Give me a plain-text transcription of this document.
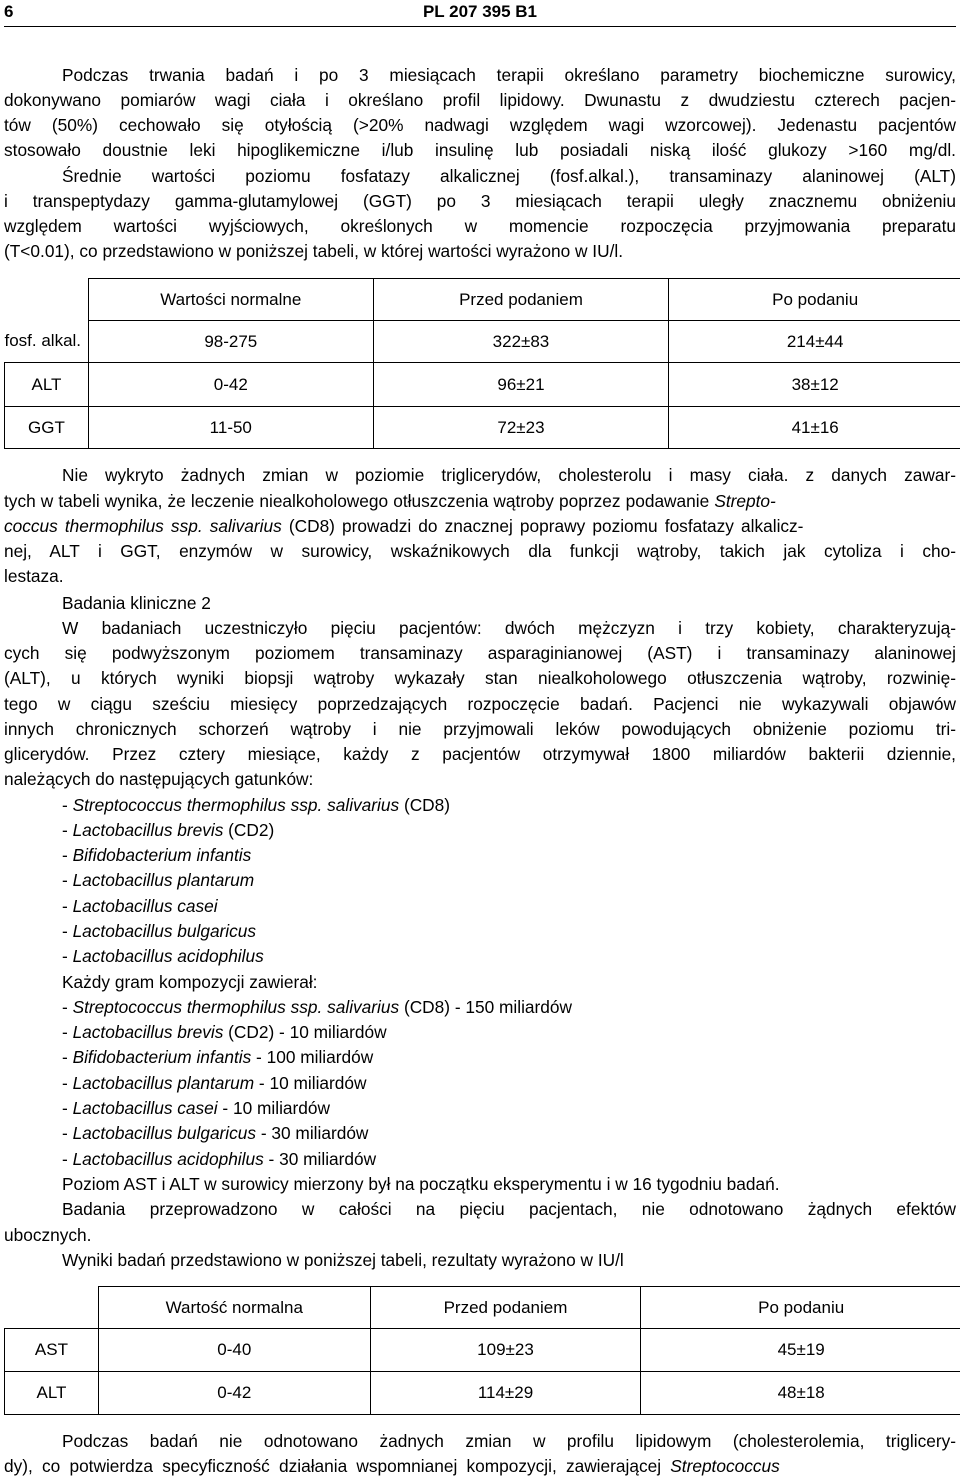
6	PL 207 395 B1
Podczas trwania badań i po 3 miesiącach terapii określano parametry biochemiczne surowicy,
dokonywano pomiarów wagi ciała i określano profil lipidowy. Dwunastu z dwudziestu czterech pacjen-
tów (50%) cechowało się otyłością (>20% nadwagi względem wagi wzorcowej). Jedenastu pacjentów
stosowało doustnie leki hipoglikemiczne i/lub insulinę lub posiadali niską ilość glukozy >160 mg/dl.
Średnie wartości poziomu fosfatazy alkalicznej (fosf.alkal.), transaminazy alaninowej (ALT)
i transpeptydazy gamma-glutamylowej (GGT) po 3 miesiącach terapii uległy znacznemu obniżeniu
względem wartości wyjściowych, określonych w momencie rozpoczęcia przyjmowania preparatu
(T<0.01), co przedstawiono w poniższej tabeli, w której wartości wyrażono w IU/l.
	Wartości normalne	Przed podaniem	Po podaniu
fosf. alkal.	98-275	322±83	214±44
ALT	0-42	96±21	38±12
GGT	11-50	72±23	41±16
Nie wykryto żadnych zmian w poziomie triglicerydów, cholesterolu i masy ciała. z danych zawar-
tych w tabeli wynika, że leczenie niealkoholowego otłuszczenia wątroby poprzez podawanie Strepto-
coccus thermophilus ssp. salivarius (CD8) prowadzi do znacznej poprawy poziomu fosfatazy alkalicz-
nej, ALT i GGT, enzymów w surowicy, wskaźnikowych dla funkcji wątroby, takich jak cytoliza i cho-
lestaza.
Badania kliniczne 2
W badaniach uczestniczyło pięciu pacjentów: dwóch mężczyzn i trzy kobiety, charakteryzują-
cych się podwyższonym poziomem transaminazy asparaginianowej (AST) i transaminazy alaninowej
(ALT), u których wyniki biopsji wątroby wykazały stan niealkoholowego otłuszczenia wątroby, rozwinię-
tego w ciągu sześciu miesięcy poprzedzających rozpoczęcie badań. Pacjenci nie wykazywali objawów
innych chronicznych schorzeń wątroby i nie przyjmowali leków powodujących obniżenie poziomu tri-
glicerydów. Przez cztery miesiące, każdy z pacjentów otrzymywał 1800 miliardów bakterii dziennie,
należących do następujących gatunków:
- Streptococcus thermophilus ssp. salivarius (CD8)
- Lactobacillus brevis (CD2)
- Bifidobacterium infantis
- Lactobacillus plantarum
- Lactobacillus casei
- Lactobacillus bulgaricus
- Lactobacillus acidophilus
Każdy gram kompozycji zawierał:
- Streptococcus thermophilus ssp. salivarius (CD8) - 150 miliardów
- Lactobacillus brevis (CD2) - 10 miliardów
- Bifidobacterium infantis - 100 miliardów
- Lactobacillus plantarum - 10 miliardów
- Lactobacillus casei - 10 miliardów
- Lactobacillus bulgaricus - 30 miliardów
- Lactobacillus acidophilus - 30 miliardów
Poziom AST i ALT w surowicy mierzony był na początku eksperymentu i w 16 tygodniu badań.
Badania przeprowadzono w całości na pięciu pacjentach, nie odnotowano żądnych efektów
ubocznych.
Wyniki badań przedstawiono w poniższej tabeli, rezultaty wyrażono w IU/l
	Wartość normalna	Przed podaniem	Po podaniu
AST	0-40	109±23	45±19
ALT	0-42	114±29	48±18
Podczas badań nie odnotowano żadnych zmian w profilu lipidowym (cholesterolemia, triglicery-
dy), co potwierdza specyficzność działania wspomnianej kompozycji, zawierającej Streptococcus
